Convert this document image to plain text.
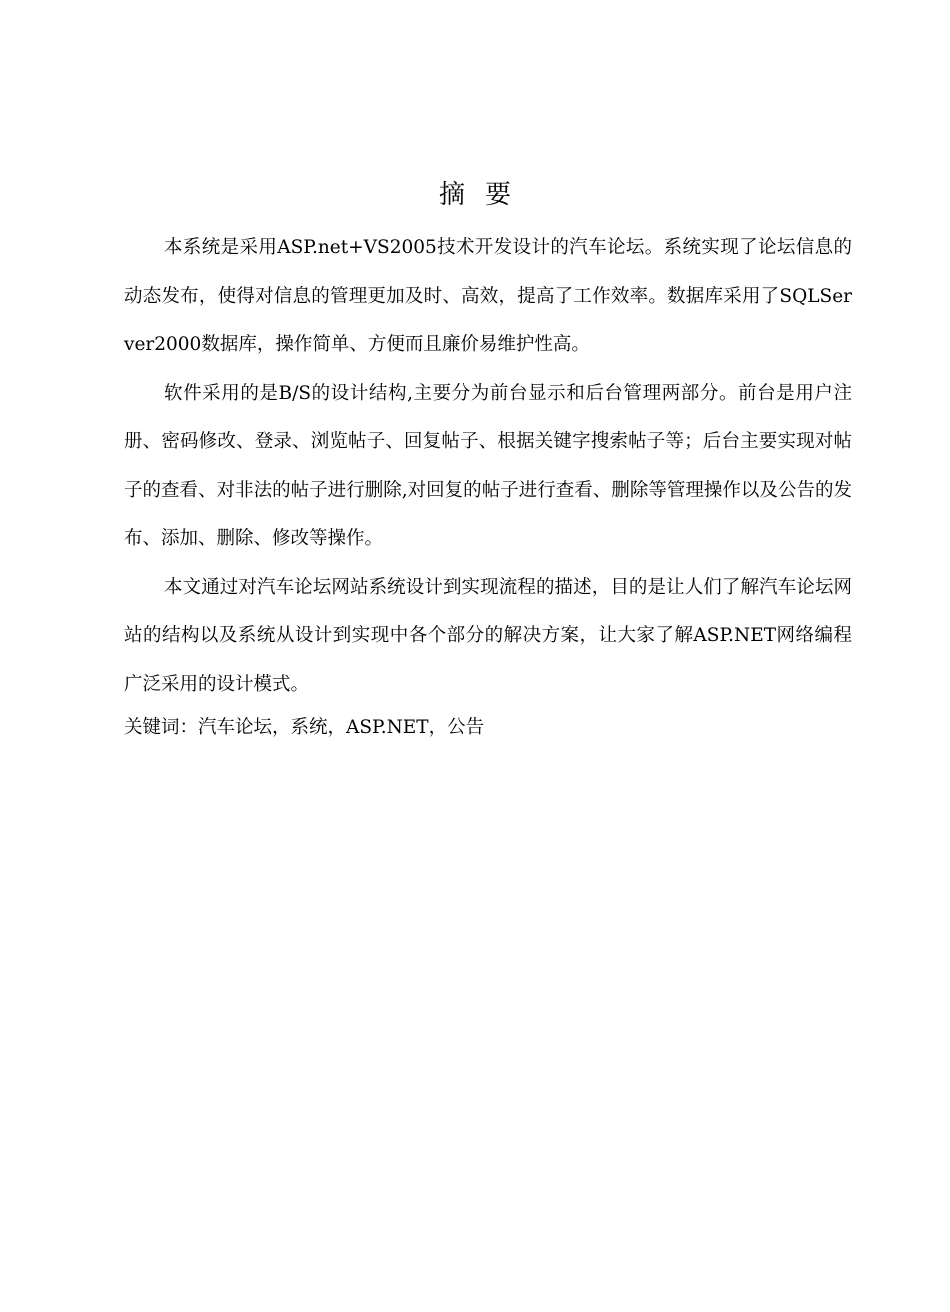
摘要

本系统是采用ASP.net+VS2005技术开发设计的汽车论坛。系统实现了论坛信息的动态发布，使得对信息的管理更加及时、高效，提高了工作效率。数据库采用了SQLServer2000数据库，操作简单、方便而且廉价易维护性高。

软件采用的是B/S的设计结构,主要分为前台显示和后台管理两部分。前台是用户注册、密码修改、登录、浏览帖子、回复帖子、根据关键字搜索帖子等；后台主要实现对帖子的查看、对非法的帖子进行删除,对回复的帖子进行查看、删除等管理操作以及公告的发布、添加、删除、修改等操作。

本文通过对汽车论坛网站系统设计到实现流程的描述，目的是让人们了解汽车论坛网站的结构以及系统从设计到实现中各个部分的解决方案，让大家了解ASP.NET网络编程广泛采用的设计模式。

关键词：汽车论坛，系统，ASP.NET，公告
